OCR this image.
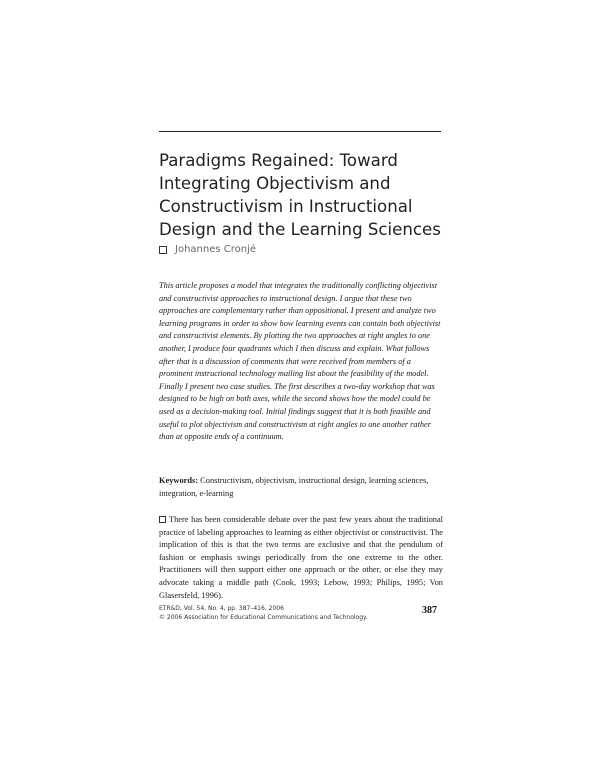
Paradigms Regained: Toward Integrating Objectivism and Constructivism in Instructional Design and the Learning Sciences
Johannes Cronjé

This article proposes a model that integrates the traditionally conflicting objectivist and constructivist approaches to instructional design. I argue that these two approaches are complementary rather than oppositional. I present and analyze two learning programs in order to show how learning events can contain both objectivist and constructivist elements. By plotting the two approaches at right angles to one another, I produce four quadrants which I then discuss and explain. What follows after that is a discussion of comments that were received from members of a prominent instructional technology mailing list about the feasibility of the model. Finally I present two case studies. The first describes a two-day workshop that was designed to be high on both axes, while the second shows how the model could be used as a decision-making tool. Initial findings suggest that it is both feasible and useful to plot objectivism and constructivism at right angles to one another rather than at opposite ends of a continuum.

Keywords: Constructivism, objectivism, instructional design, learning sciences, integration, e-learning

There has been considerable debate over the past few years about the traditional practice of labeling approaches to learning as either objectivist or constructivist. The implication of this is that the two terms are exclusive and that the pendulum of fashion or emphasis swings periodically from the one extreme to the other. Practitioners will then support either one approach or the other, or else they may advocate taking a middle path (Cook, 1993; Lebow, 1993; Philips, 1995; Von Glasersfeld, 1996).

ETR&D, Vol. 54, No. 4, pp. 387–416, 2006
© 2006 Association for Educational Communications and Technology.
387
